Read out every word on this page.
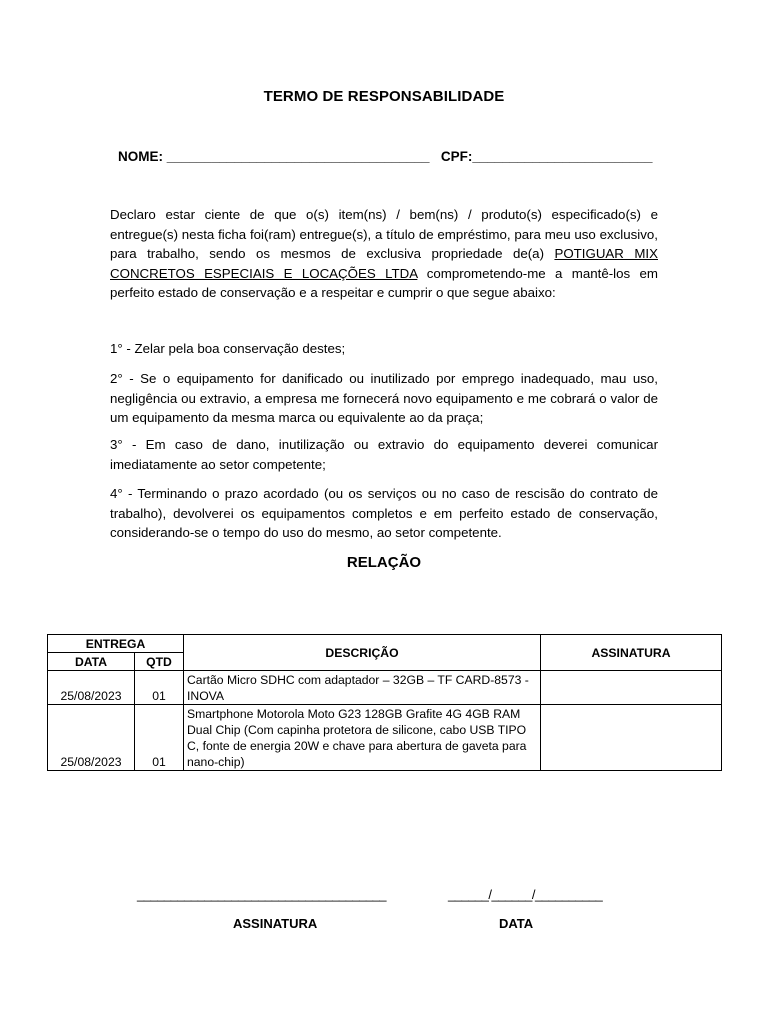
TERMO DE RESPONSABILIDADE
NOME: ___________________________________ CPF:________________________
Declaro estar ciente de que o(s) item(ns) / bem(ns) / produto(s) especificado(s) e entregue(s) nesta ficha foi(ram) entregue(s), a título de empréstimo, para meu uso exclusivo, para trabalho, sendo os mesmos de exclusiva propriedade de(a) POTIGUAR MIX CONCRETOS ESPECIAIS E LOCAÇÕES LTDA comprometendo-me a mantê-los em perfeito estado de conservação e a respeitar e cumprir o que segue abaixo:
1° - Zelar pela boa conservação destes;
2° - Se o equipamento for danificado ou inutilizado por emprego inadequado, mau uso, negligência ou extravio, a empresa me fornecerá novo equipamento e me cobrará o valor de um equipamento da mesma marca ou equivalente ao da praça;
3° - Em caso de dano, inutilização ou extravio do equipamento deverei comunicar imediatamente ao setor competente;
4° - Terminando o prazo acordado (ou os serviços ou no caso de rescisão do contrato de trabalho), devolverei os equipamentos completos e em perfeito estado de conservação, considerando-se o tempo do uso do mesmo, ao setor competente.
RELAÇÃO
ENTREGA		DESCRIÇÃO	ASSINATURA
DATA	QTD		
25/08/2023	01	Cartão Micro SDHC com adaptador – 32GB – TF CARD-8573 - INOVA	
25/08/2023	01	Smartphone Motorola Moto G23 128GB Grafite 4G 4GB RAM Dual Chip (Com capinha protetora de silicone, cabo USB TIPO C, fonte de energia 20W e chave para abertura de gaveta para nano-chip)	
_____________________________________	______/______/__________
ASSINATURA	DATA
